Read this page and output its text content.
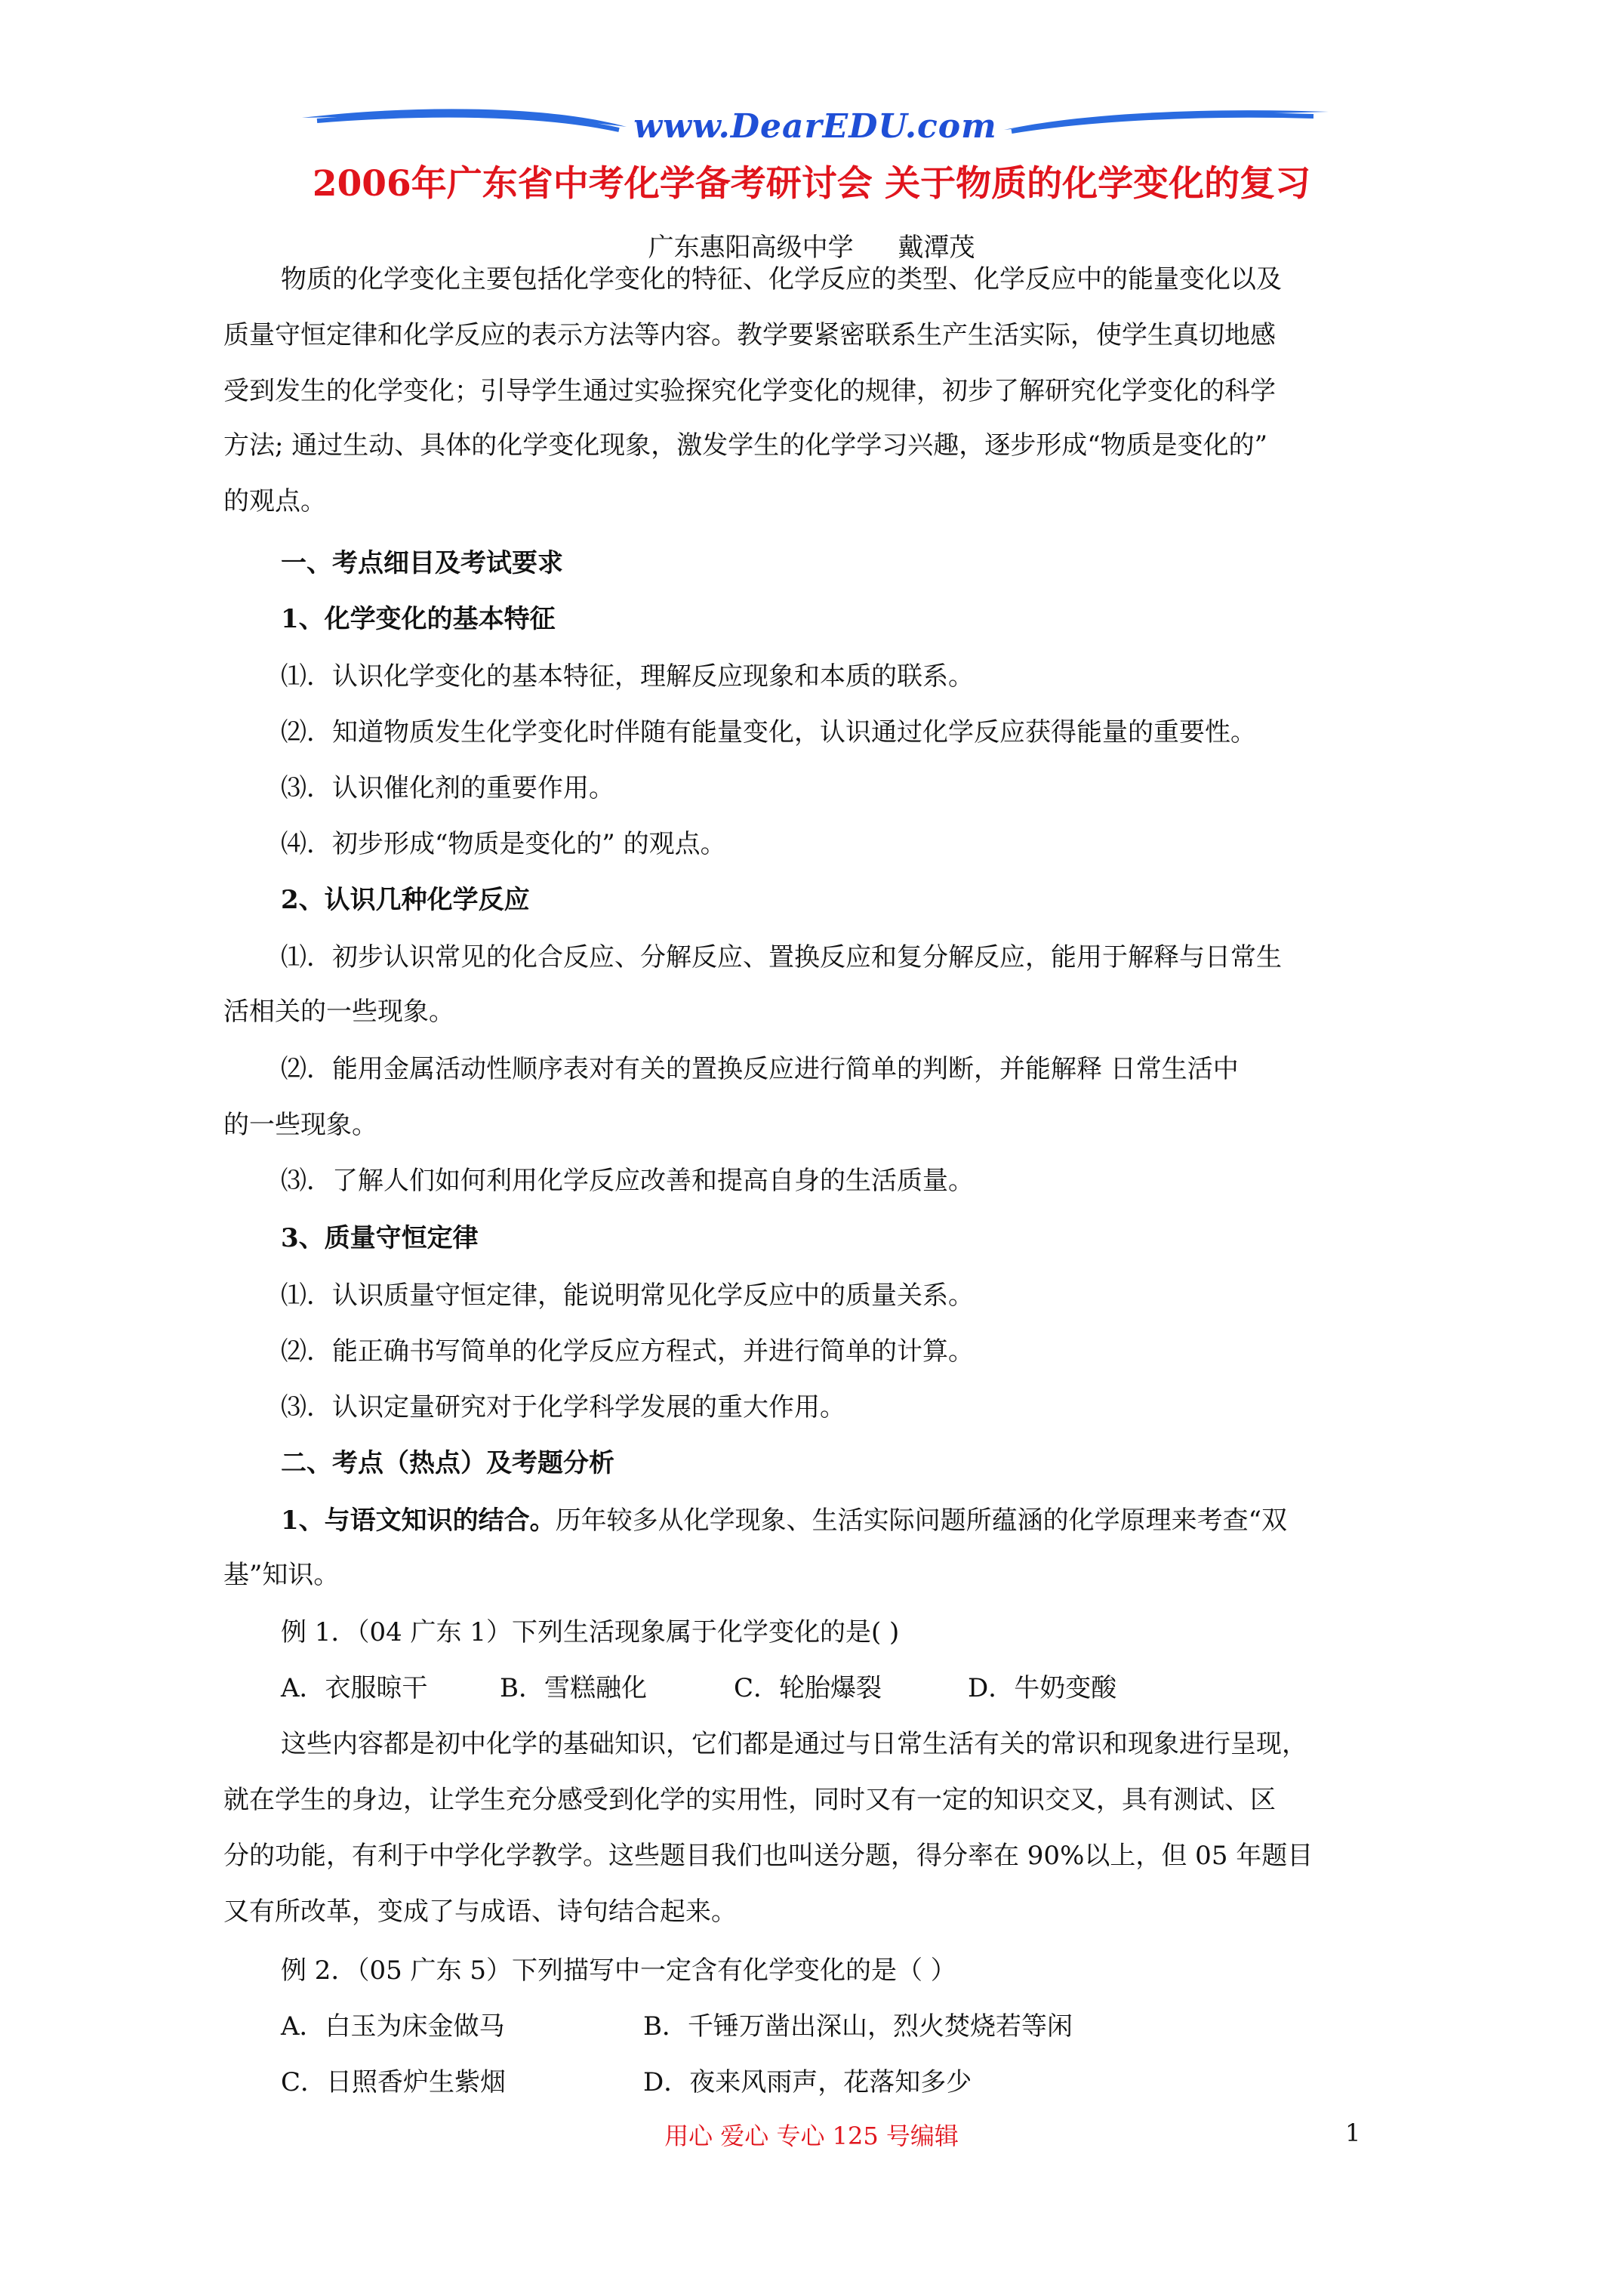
www.DearEDU.com
2006年广东省中考化学备考研讨会 关于物质的化学变化的复习
广东惠阳高级中学 戴潭茂
物质的化学变化主要包括化学变化的特征、化学反应的类型、化学反应中的能量变化以及
质量守恒定律和化学反应的表示方法等内容。教学要紧密联系生产生活实际，使学生真切地感
受到发生的化学变化；引导学生通过实验探究化学变化的规律，初步了解研究化学变化的科学
方法; 通过生动、具体的化学变化现象，激发学生的化学学习兴趣，逐步形成“物质是变化的”
的观点。
一、考点细目及考试要求
1、化学变化的基本特征
⑴．认识化学变化的基本特征，理解反应现象和本质的联系。
⑵．知道物质发生化学变化时伴随有能量变化，认识通过化学反应获得能量的重要性。
⑶．认识催化剂的重要作用。
⑷．初步形成“物质是变化的” 的观点。
2、认识几种化学反应
⑴．初步认识常见的化合反应、分解反应、置换反应和复分解反应，能用于解释与日常生
活相关的一些现象。
⑵．能用金属活动性顺序表对有关的置换反应进行简单的判断，并能解释 日常生活中
的一些现象。
⑶．了解人们如何利用化学反应改善和提高自身的生活质量。
3、质量守恒定律
⑴．认识质量守恒定律，能说明常见化学反应中的质量关系。
⑵．能正确书写简单的化学反应方程式，并进行简单的计算。
⑶．认识定量研究对于化学科学发展的重大作用。
二、考点（热点）及考题分析
1、与语文知识的结合。历年较多从化学现象、生活实际问题所蕴涵的化学原理来考查“双
基”知识。
例 1．（04 广东 1）下列生活现象属于化学变化的是( )
A．衣服晾干	B．雪糕融化	C．轮胎爆裂	D．牛奶变酸
这些内容都是初中化学的基础知识，它们都是通过与日常生活有关的常识和现象进行呈现，
就在学生的身边，让学生充分感受到化学的实用性，同时又有一定的知识交叉，具有测试、区
分的功能，有利于中学化学教学。这些题目我们也叫送分题，得分率在 90%以上，但 05 年题目
又有所改革，变成了与成语、诗句结合起来。
例 2．（05 广东 5）下列描写中一定含有化学变化的是（ ）
A．白玉为床金做马	B．千锤万凿出深山，烈火焚烧若等闲
C．日照香炉生紫烟	D．夜来风雨声，花落知多少
用心 爱心 专心 125 号编辑	1
